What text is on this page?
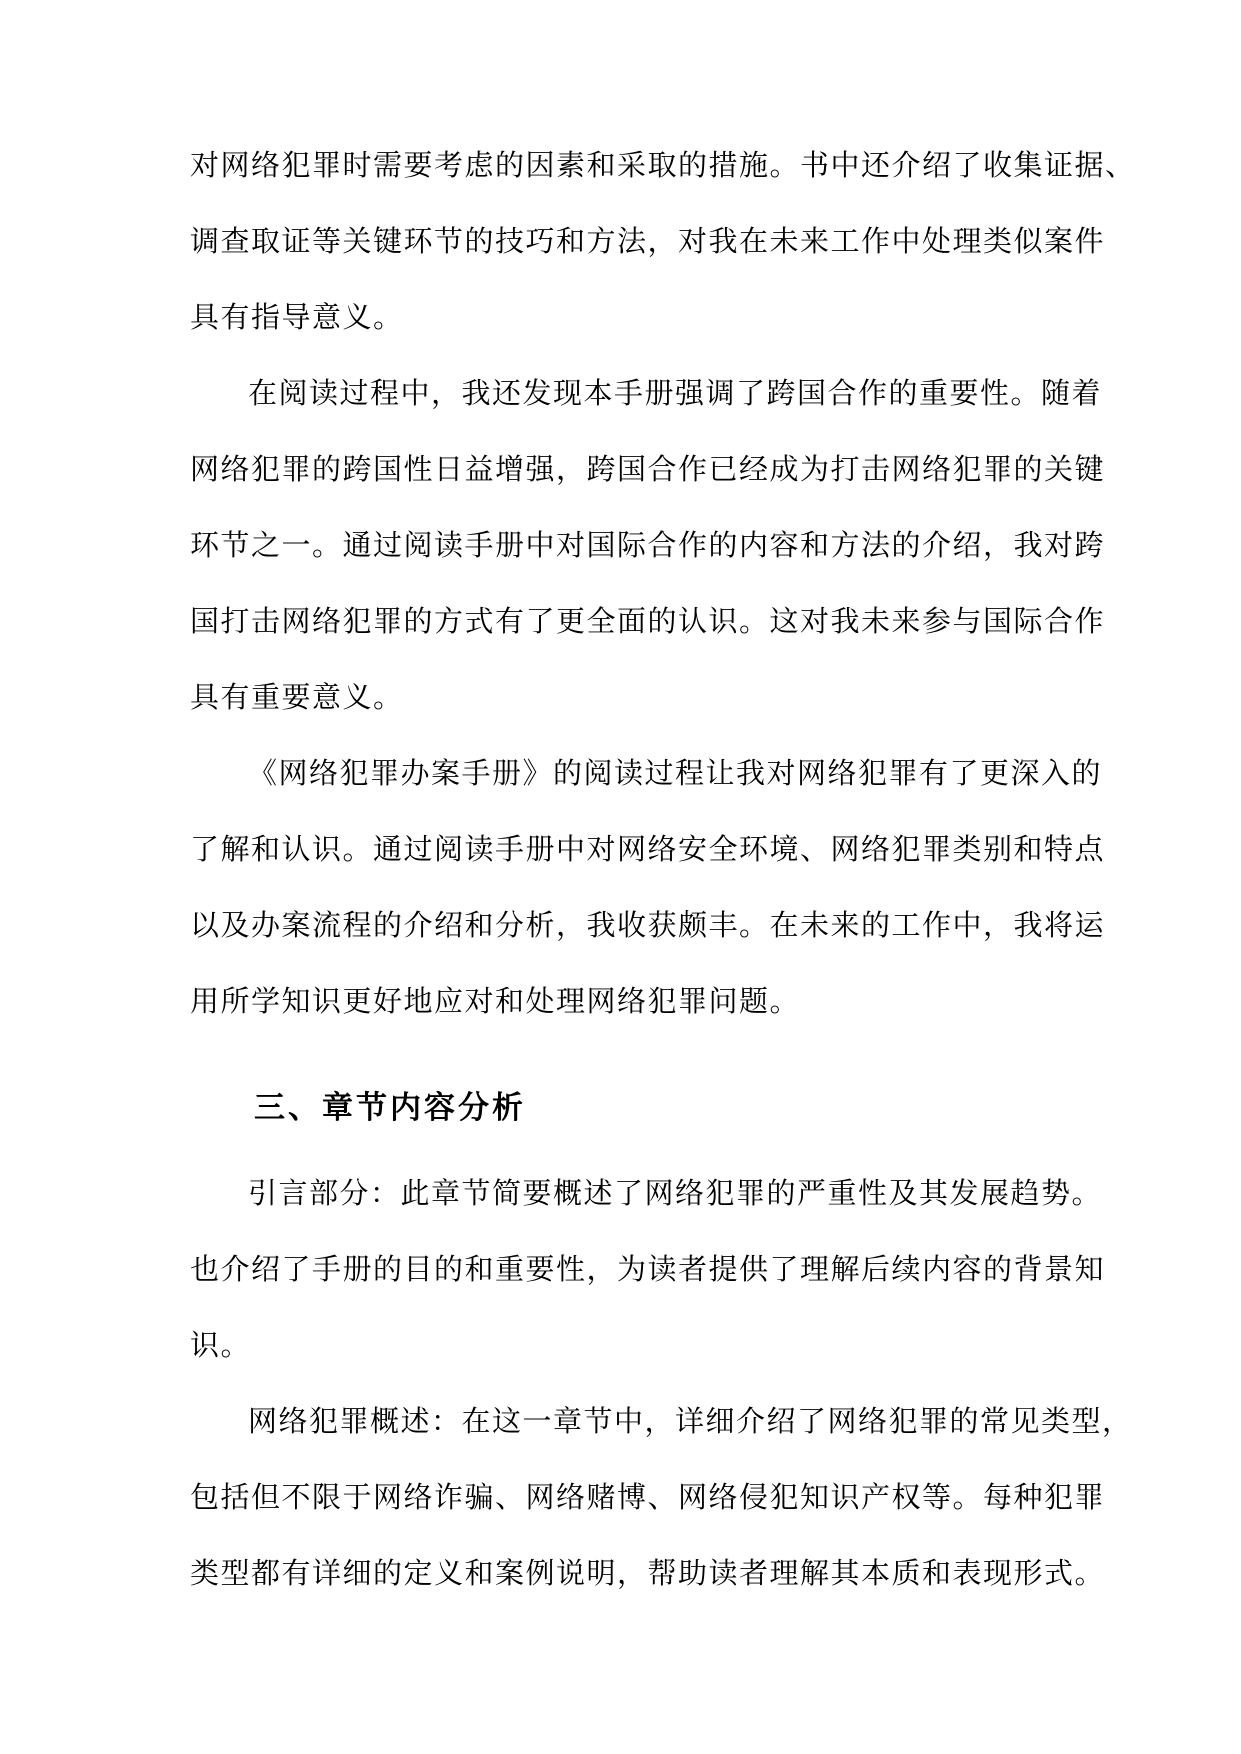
对网络犯罪时需要考虑的因素和采取的措施。书中还介绍了收集证据、
调查取证等关键环节的技巧和方法，对我在未来工作中处理类似案件
具有指导意义。
在阅读过程中，我还发现本手册强调了跨国合作的重要性。随着
网络犯罪的跨国性日益增强，跨国合作已经成为打击网络犯罪的关键
环节之一。通过阅读手册中对国际合作的内容和方法的介绍，我对跨
国打击网络犯罪的方式有了更全面的认识。这对我未来参与国际合作
具有重要意义。
《网络犯罪办案手册》的阅读过程让我对网络犯罪有了更深入的
了解和认识。通过阅读手册中对网络安全环境、网络犯罪类别和特点
以及办案流程的介绍和分析，我收获颇丰。在未来的工作中，我将运
用所学知识更好地应对和处理网络犯罪问题。
三、章节内容分析
引言部分：此章节简要概述了网络犯罪的严重性及其发展趋势。
也介绍了手册的目的和重要性，为读者提供了理解后续内容的背景知
识。
网络犯罪概述：在这一章节中，详细介绍了网络犯罪的常见类型，
包括但不限于网络诈骗、网络赌博、网络侵犯知识产权等。每种犯罪
类型都有详细的定义和案例说明，帮助读者理解其本质和表现形式。
